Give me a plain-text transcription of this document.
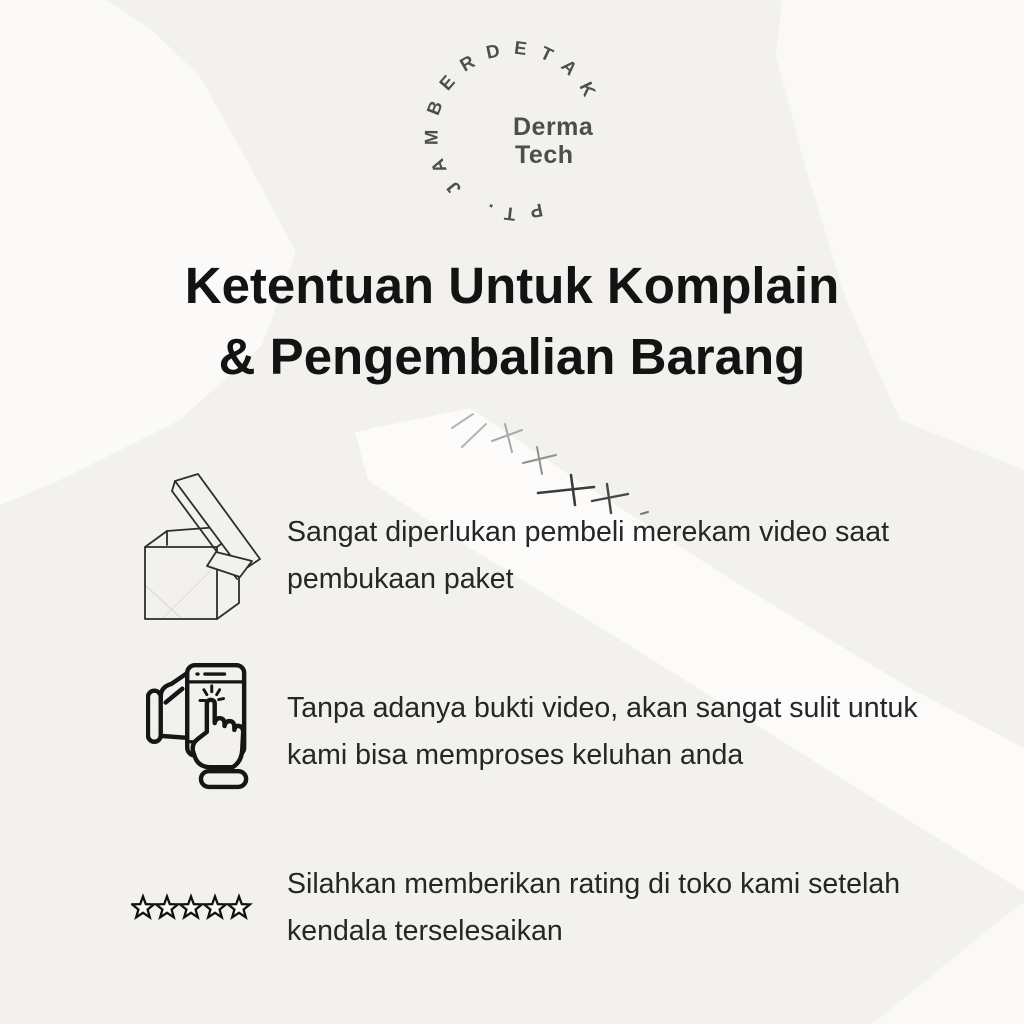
PT. JAMBERDETAK
Derma
Tech
Ketentuan Untuk Komplain
& Pengembalian Barang
Sangat diperlukan pembeli merekam video saat
pembukaan paket
Tanpa adanya bukti video, akan sangat sulit untuk
kami bisa memproses keluhan anda
Silahkan memberikan rating di toko kami setelah
kendala terselesaikan
